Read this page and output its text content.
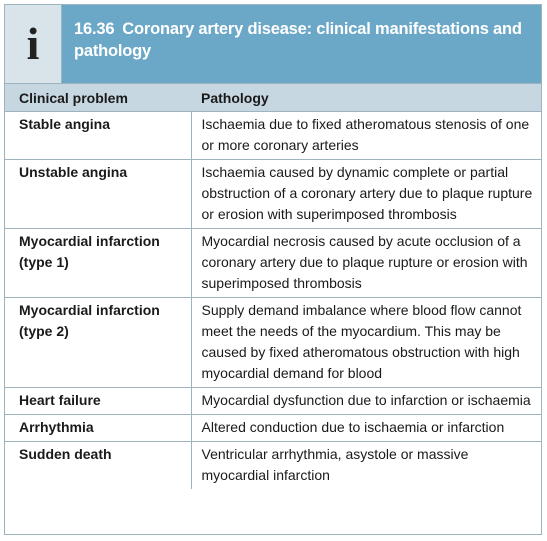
i	16.36 Coronary artery disease: clinical manifestations and pathology
Clinical problem	Pathology
Stable angina	Ischaemia due to fixed atheromatous stenosis of one or more coronary arteries
Unstable angina	Ischaemia caused by dynamic complete or partial obstruction of a coronary artery due to plaque rupture or erosion with superimposed thrombosis
Myocardial infarction (type 1)	Myocardial necrosis caused by acute occlusion of a coronary artery due to plaque rupture or erosion with superimposed thrombosis
Myocardial infarction (type 2)	Supply demand imbalance where blood flow cannot meet the needs of the myocardium. This may be caused by fixed atheromatous obstruction with high myocardial demand for blood
Heart failure	Myocardial dysfunction due to infarction or ischaemia
Arrhythmia	Altered conduction due to ischaemia or infarction
Sudden death	Ventricular arrhythmia, asystole or massive myocardial infarction
